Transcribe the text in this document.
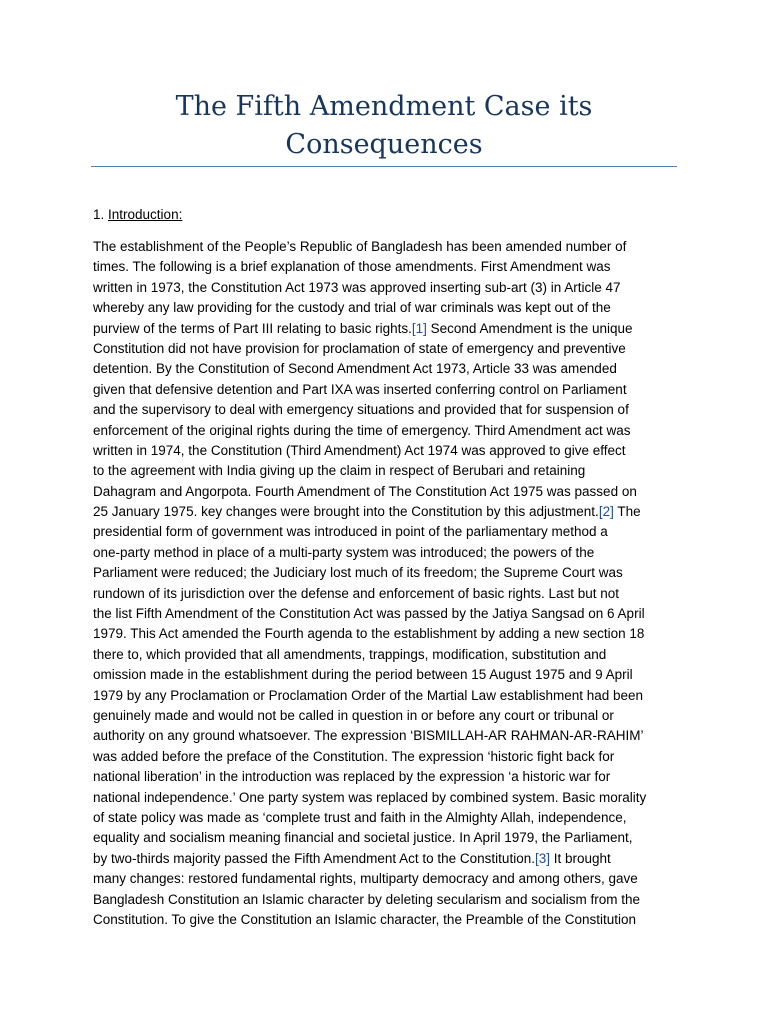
The Fifth Amendment Case its
Consequences

1. Introduction:

The establishment of the People’s Republic of Bangladesh has been amended number of
times. The following is a brief explanation of those amendments. First Amendment was
written in 1973, the Constitution Act 1973 was approved inserting sub-art (3) in Article 47
whereby any law providing for the custody and trial of war criminals was kept out of the
purview of the terms of Part III relating to basic rights.[1] Second Amendment is the unique
Constitution did not have provision for proclamation of state of emergency and preventive
detention. By the Constitution of Second Amendment Act 1973, Article 33 was amended
given that defensive detention and Part IXA was inserted conferring control on Parliament
and the supervisory to deal with emergency situations and provided that for suspension of
enforcement of the original rights during the time of emergency. Third Amendment act was
written in 1974, the Constitution (Third Amendment) Act 1974 was approved to give effect
to the agreement with India giving up the claim in respect of Berubari and retaining
Dahagram and Angorpota. Fourth Amendment of The Constitution Act 1975 was passed on
25 January 1975. key changes were brought into the Constitution by this adjustment.[2] The
presidential form of government was introduced in point of the parliamentary method a
one-party method in place of a multi-party system was introduced; the powers of the
Parliament were reduced; the Judiciary lost much of its freedom; the Supreme Court was
rundown of its jurisdiction over the defense and enforcement of basic rights. Last but not
the list Fifth Amendment of the Constitution Act was passed by the Jatiya Sangsad on 6 April
1979. This Act amended the Fourth agenda to the establishment by adding a new section 18
there to, which provided that all amendments, trappings, modification, substitution and
omission made in the establishment during the period between 15 August 1975 and 9 April
1979 by any Proclamation or Proclamation Order of the Martial Law establishment had been
genuinely made and would not be called in question in or before any court or tribunal or
authority on any ground whatsoever. The expression ‘BISMILLAH-AR RAHMAN-AR-RAHIM’
was added before the preface of the Constitution. The expression ‘historic fight back for
national liberation’ in the introduction was replaced by the expression ‘a historic war for
national independence.’ One party system was replaced by combined system. Basic morality
of state policy was made as ‘complete trust and faith in the Almighty Allah, independence,
equality and socialism meaning financial and societal justice. In April 1979, the Parliament,
by two-thirds majority passed the Fifth Amendment Act to the Constitution.[3] It brought
many changes: restored fundamental rights, multiparty democracy and among others, gave
Bangladesh Constitution an Islamic character by deleting secularism and socialism from the
Constitution. To give the Constitution an Islamic character, the Preamble of the Constitution
